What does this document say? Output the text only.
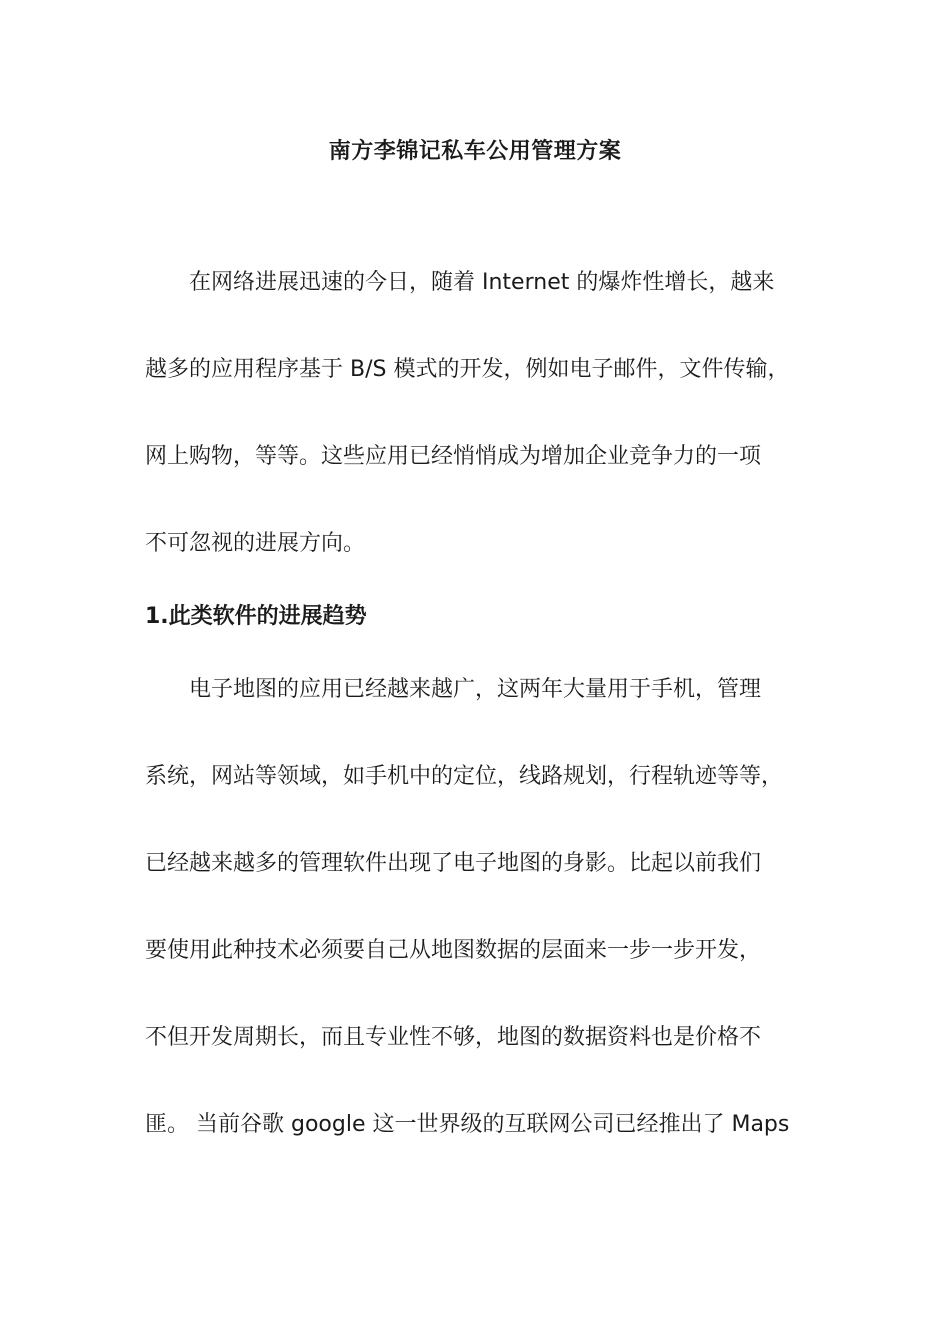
南方李锦记私车公用管理方案
在网络进展迅速的今日，随着 Internet 的爆炸性增长，越来
越多的应用程序基于 B/S 模式的开发，例如电子邮件，文件传输，
网上购物，等等。这些应用已经悄悄成为增加企业竞争力的一项
不可忽视的进展方向。
1.此类软件的进展趋势
电子地图的应用已经越来越广，这两年大量用于手机，管理
系统，网站等领域，如手机中的定位，线路规划，行程轨迹等等，
已经越来越多的管理软件出现了电子地图的身影。比起以前我们
要使用此种技术必须要自己从地图数据的层面来一步一步开发，
不但开发周期长，而且专业性不够，地图的数据资料也是价格不
匪。 当前谷歌 google 这一世界级的互联网公司已经推出了 Maps
